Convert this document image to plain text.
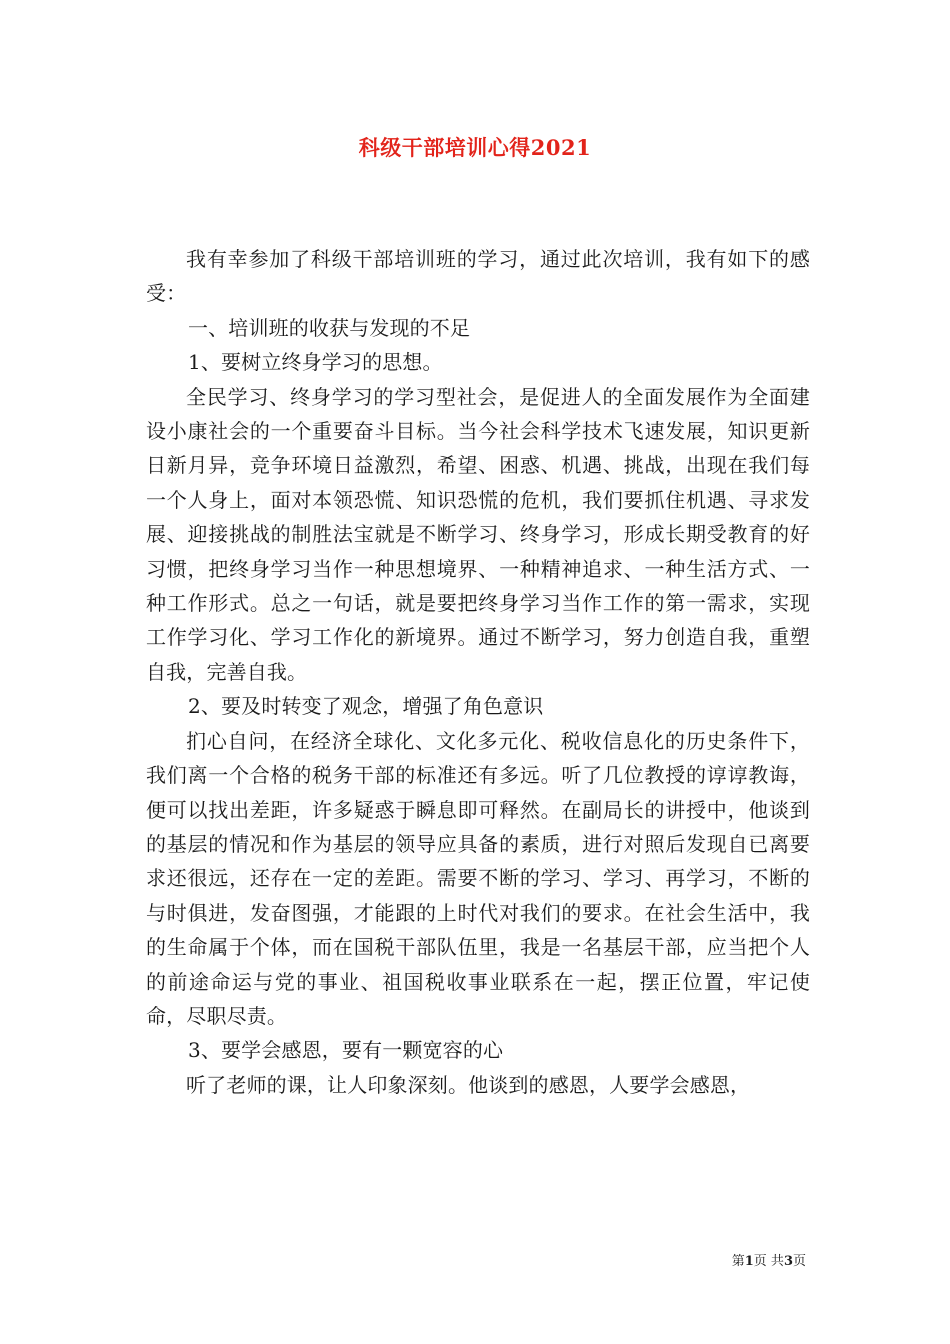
科级干部培训心得2021

我有幸参加了科级干部培训班的学习，通过此次培训，我有如下的感受：

一、培训班的收获与发现的不足

1、要树立终身学习的思想。

全民学习、终身学习的学习型社会，是促进人的全面发展作为全面建设小康社会的一个重要奋斗目标。当今社会科学技术飞速发展，知识更新日新月异，竞争环境日益激烈，希望、困惑、机遇、挑战，出现在我们每一个人身上，面对本领恐慌、知识恐慌的危机，我们要抓住机遇、寻求发展、迎接挑战的制胜法宝就是不断学习、终身学习，形成长期受教育的好习惯，把终身学习当作一种思想境界、一种精神追求、一种生活方式、一种工作形式。总之一句话，就是要把终身学习当作工作的第一需求，实现工作学习化、学习工作化的新境界。通过不断学习，努力创造自我，重塑自我，完善自我。

2、要及时转变了观念，增强了角色意识

扪心自问，在经济全球化、文化多元化、税收信息化的历史条件下，我们离一个合格的税务干部的标准还有多远。听了几位教授的谆谆教诲，便可以找出差距，许多疑惑于瞬息即可释然。在副局长的讲授中，他谈到的基层的情况和作为基层的领导应具备的素质，进行对照后发现自已离要求还很远，还存在一定的差距。需要不断的学习、学习、再学习，不断的与时俱进，发奋图强，才能跟的上时代对我们的要求。在社会生活中，我的生命属于个体，而在国税干部队伍里，我是一名基层干部，应当把个人的前途命运与党的事业、祖国税收事业联系在一起，摆正位置，牢记使命，尽职尽责。

3、要学会感恩，要有一颗宽容的心

听了老师的课，让人印象深刻。他谈到的感恩，人要学会感恩，

第1页 共3页
